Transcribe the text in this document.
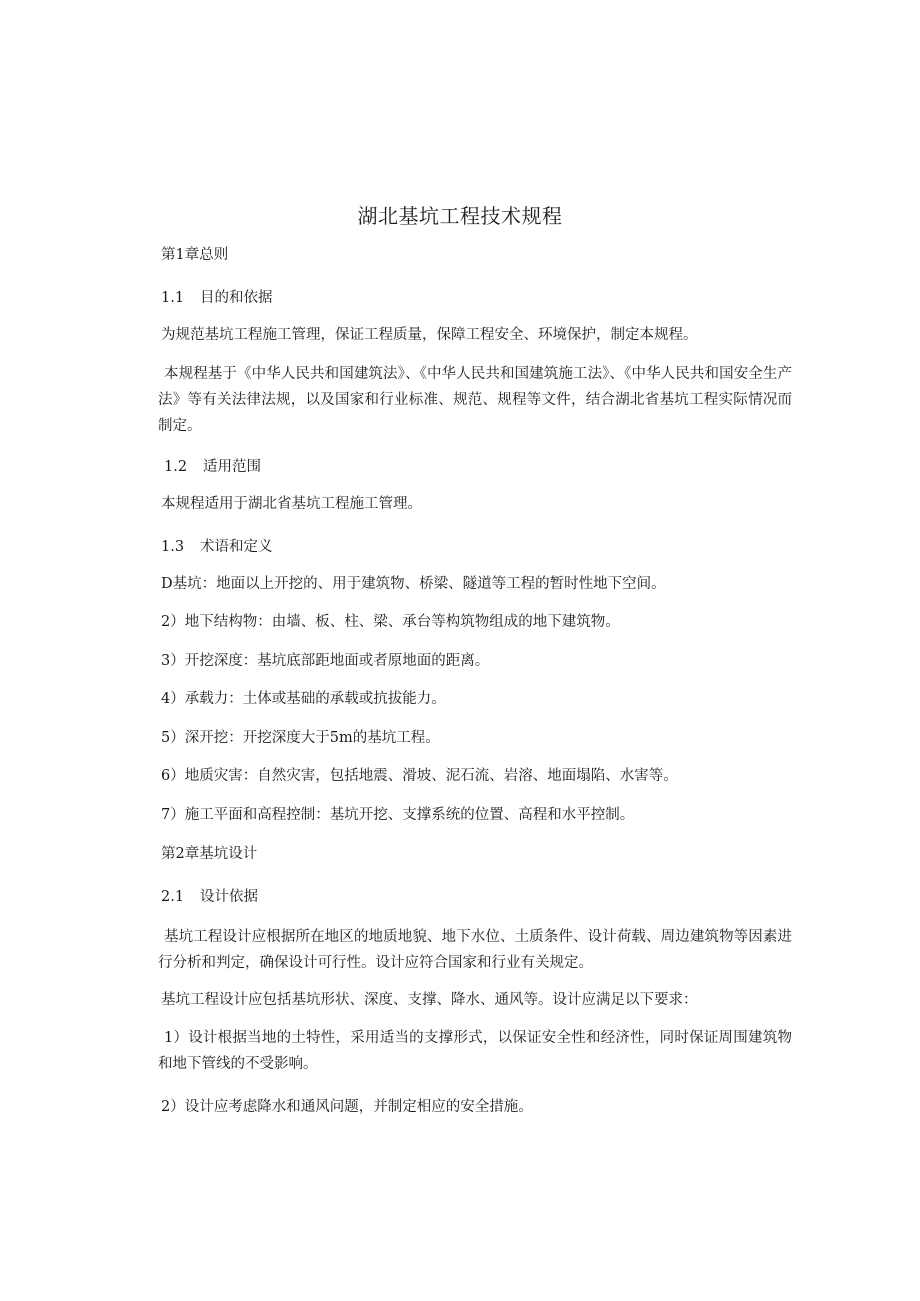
湖北基坑工程技术规程
第1章总则
1.1 目的和依据
为规范基坑工程施工管理，保证工程质量，保障工程安全、环境保护，制定本规程。
本规程基于《中华人民共和国建筑法》、《中华人民共和国建筑施工法》、《中华人民共和国安全生产法》等有关法律法规，以及国家和行业标准、规范、规程等文件，结合湖北省基坑工程实际情况而制定。
1.2 适用范围
本规程适用于湖北省基坑工程施工管理。
1.3 术语和定义
D基坑：地面以上开挖的、用于建筑物、桥梁、隧道等工程的暂时性地下空间。
2）地下结构物：由墙、板、柱、梁、承台等构筑物组成的地下建筑物。
3）开挖深度：基坑底部距地面或者原地面的距离。
4）承载力：土体或基础的承载或抗拔能力。
5）深开挖：开挖深度大于5m的基坑工程。
6）地质灾害：自然灾害，包括地震、滑坡、泥石流、岩溶、地面塌陷、水害等。
7）施工平面和高程控制：基坑开挖、支撑系统的位置、高程和水平控制。
第2章基坑设计
2.1 设计依据
基坑工程设计应根据所在地区的地质地貌、地下水位、土质条件、设计荷载、周边建筑物等因素进行分析和判定，确保设计可行性。设计应符合国家和行业有关规定。
基坑工程设计应包括基坑形状、深度、支撑、降水、通风等。设计应满足以下要求：
1）设计根据当地的土特性，采用适当的支撑形式，以保证安全性和经济性，同时保证周围建筑物和地下管线的不受影响。
2）设计应考虑降水和通风问题，并制定相应的安全措施。
